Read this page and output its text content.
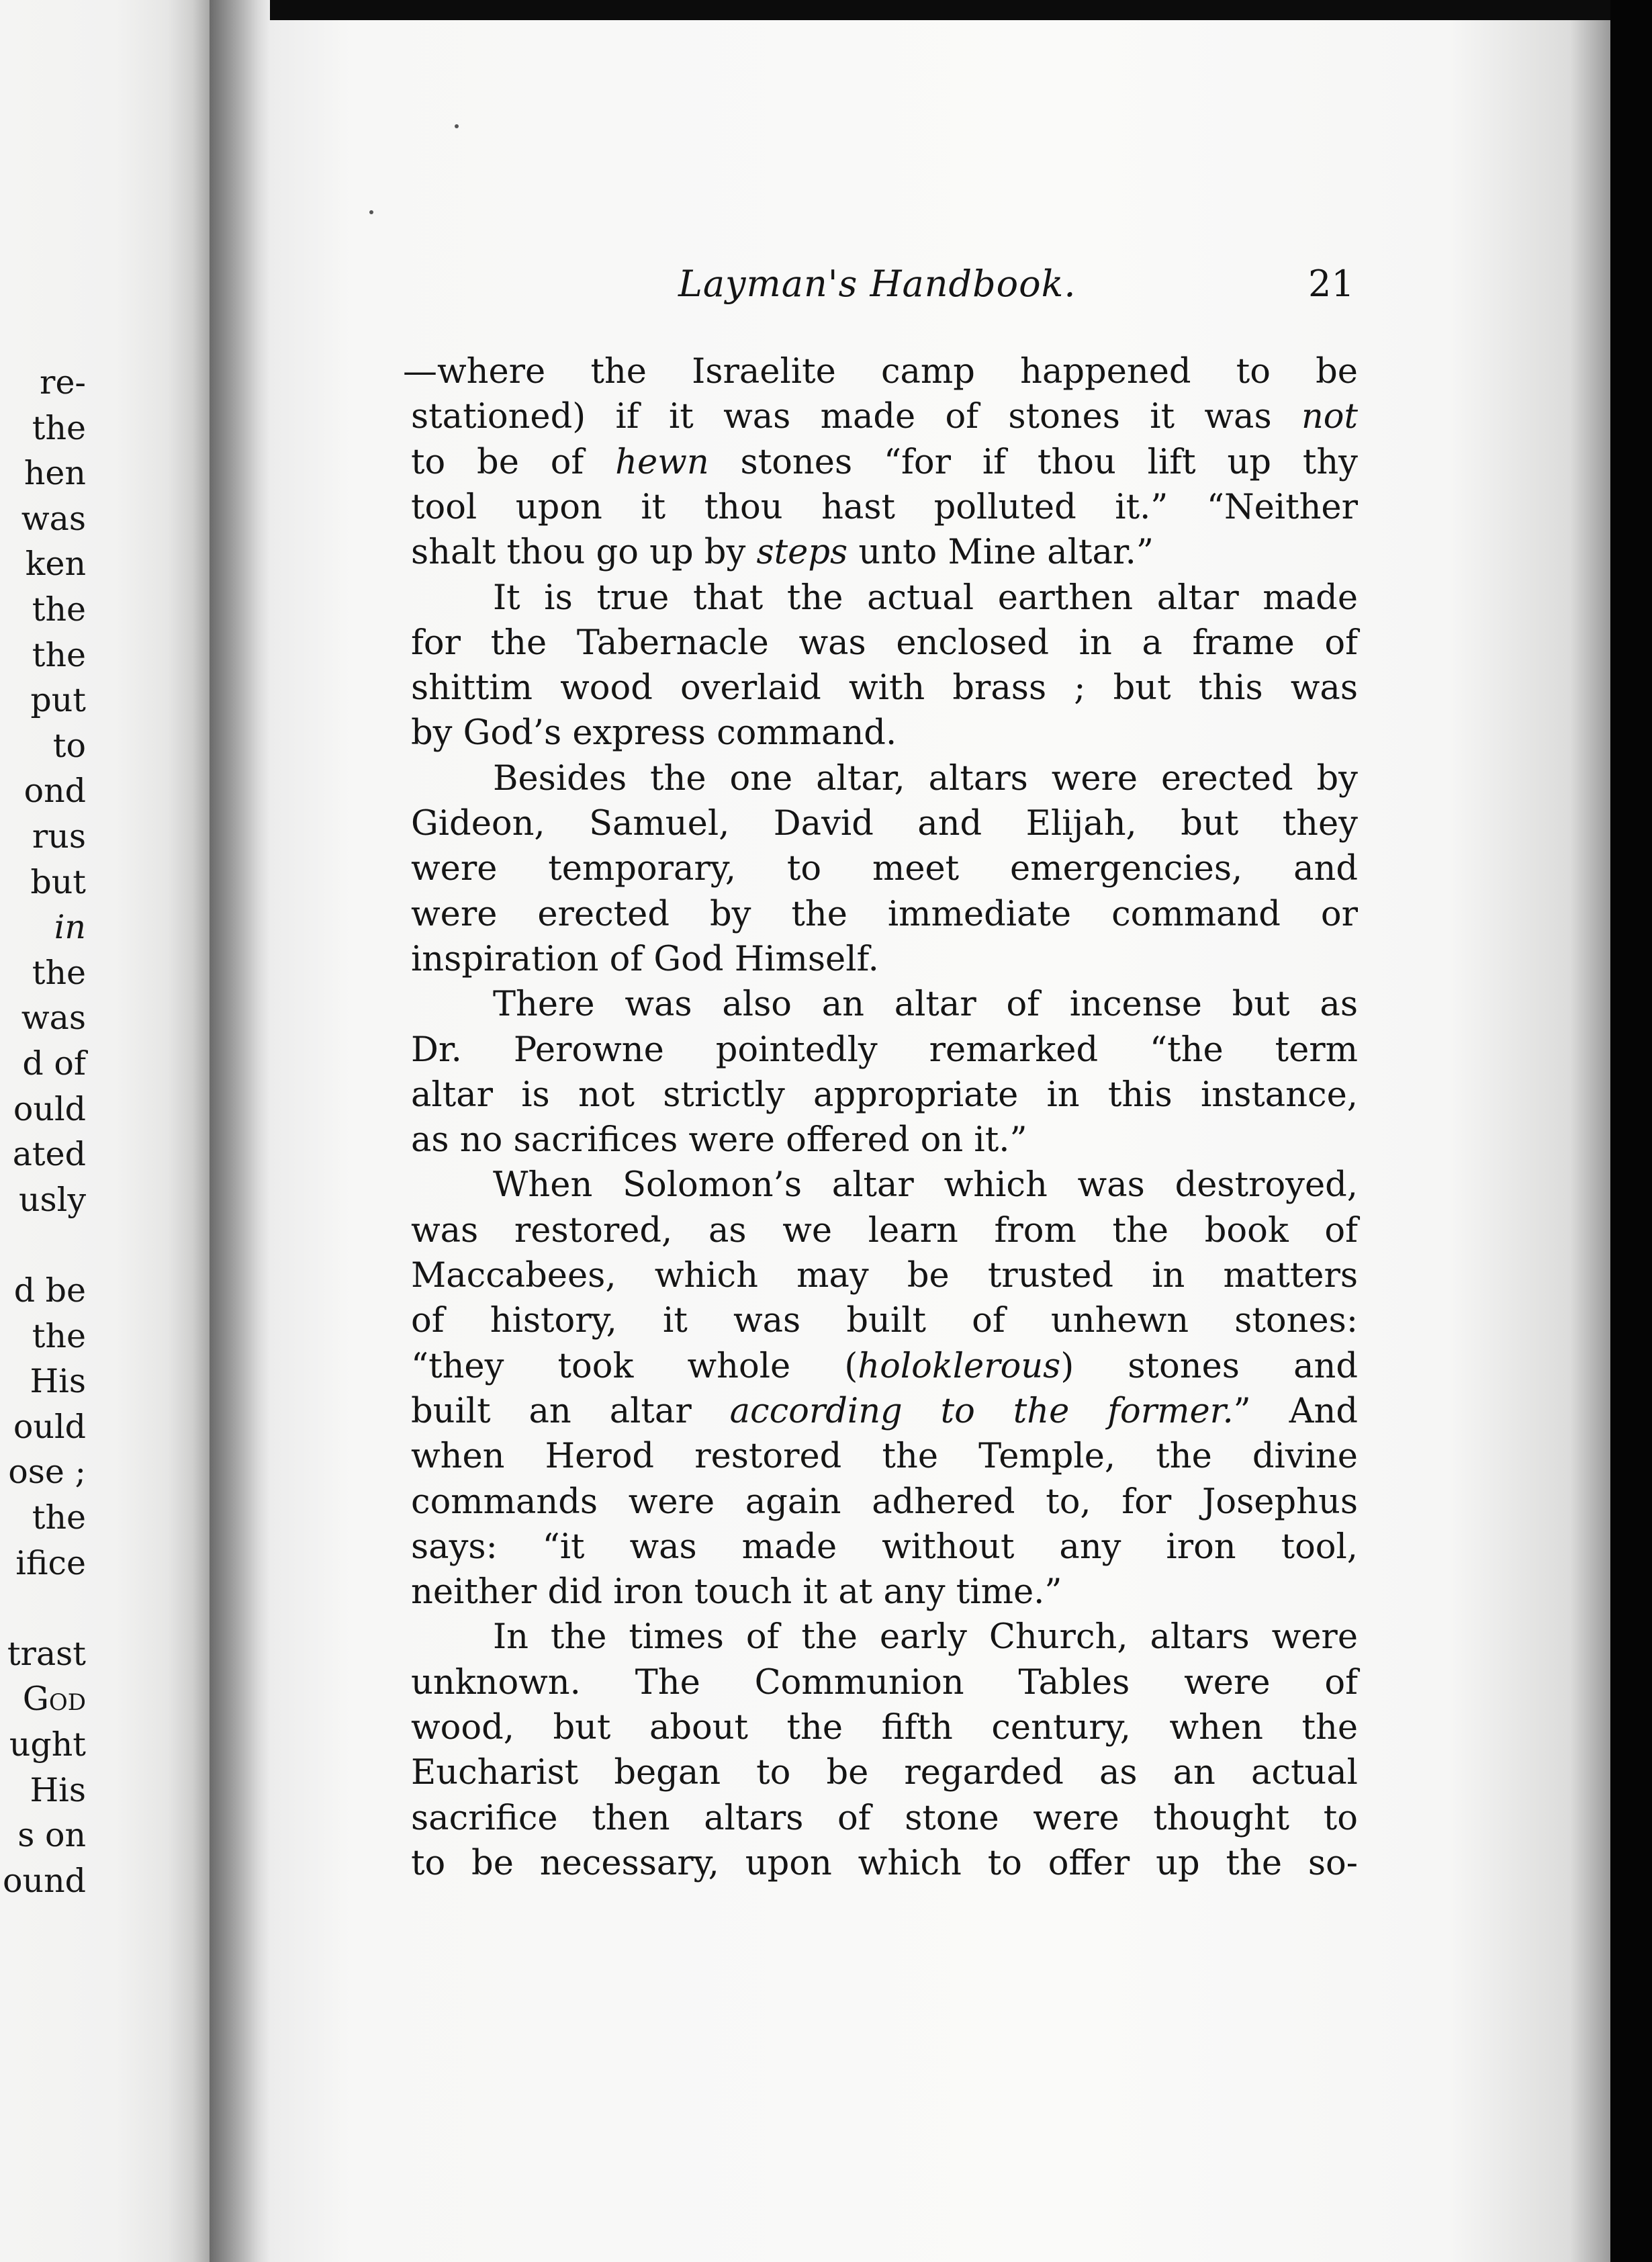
re-
the
hen
was
ken
the
the
put
to
ond
rus
but
in
the
was
d of
ould
ated
usly
d be
the
His
ould
ose ;
the
ifice
trast
God
ught
His
s on
ound
Layman's Handbook.	21
—where the Israelite camp happened to be
stationed) if it was made of stones it was not
to be of hewn stones “for if thou lift up thy
tool upon it thou hast polluted it.” “Neither
shalt thou go up by steps unto Mine altar.”
It is true that the actual earthen altar made
for the Tabernacle was enclosed in a frame of
shittim wood overlaid with brass ; but this was
by God’s express command.
Besides the one altar, altars were erected by
Gideon, Samuel, David and Elijah, but they
were temporary, to meet emergencies, and
were erected by the immediate command or
inspiration of God Himself.
There was also an altar of incense but as
Dr. Perowne pointedly remarked “the term
altar is not strictly appropriate in this instance,
as no sacrifices were offered on it.”
When Solomon’s altar which was destroyed,
was restored, as we learn from the book of
Maccabees, which may be trusted in matters
of history, it was built of unhewn stones:
“they took whole (holoklerous) stones and
built an altar according to the former.” And
when Herod restored the Temple, the divine
commands were again adhered to, for Josephus
says: “it was made without any iron tool,
neither did iron touch it at any time.”
In the times of the early Church, altars were
unknown. The Communion Tables were of
wood, but about the fifth century, when the
Eucharist began to be regarded as an actual
sacrifice then altars of stone were thought to
to be necessary, upon which to offer up the so-
